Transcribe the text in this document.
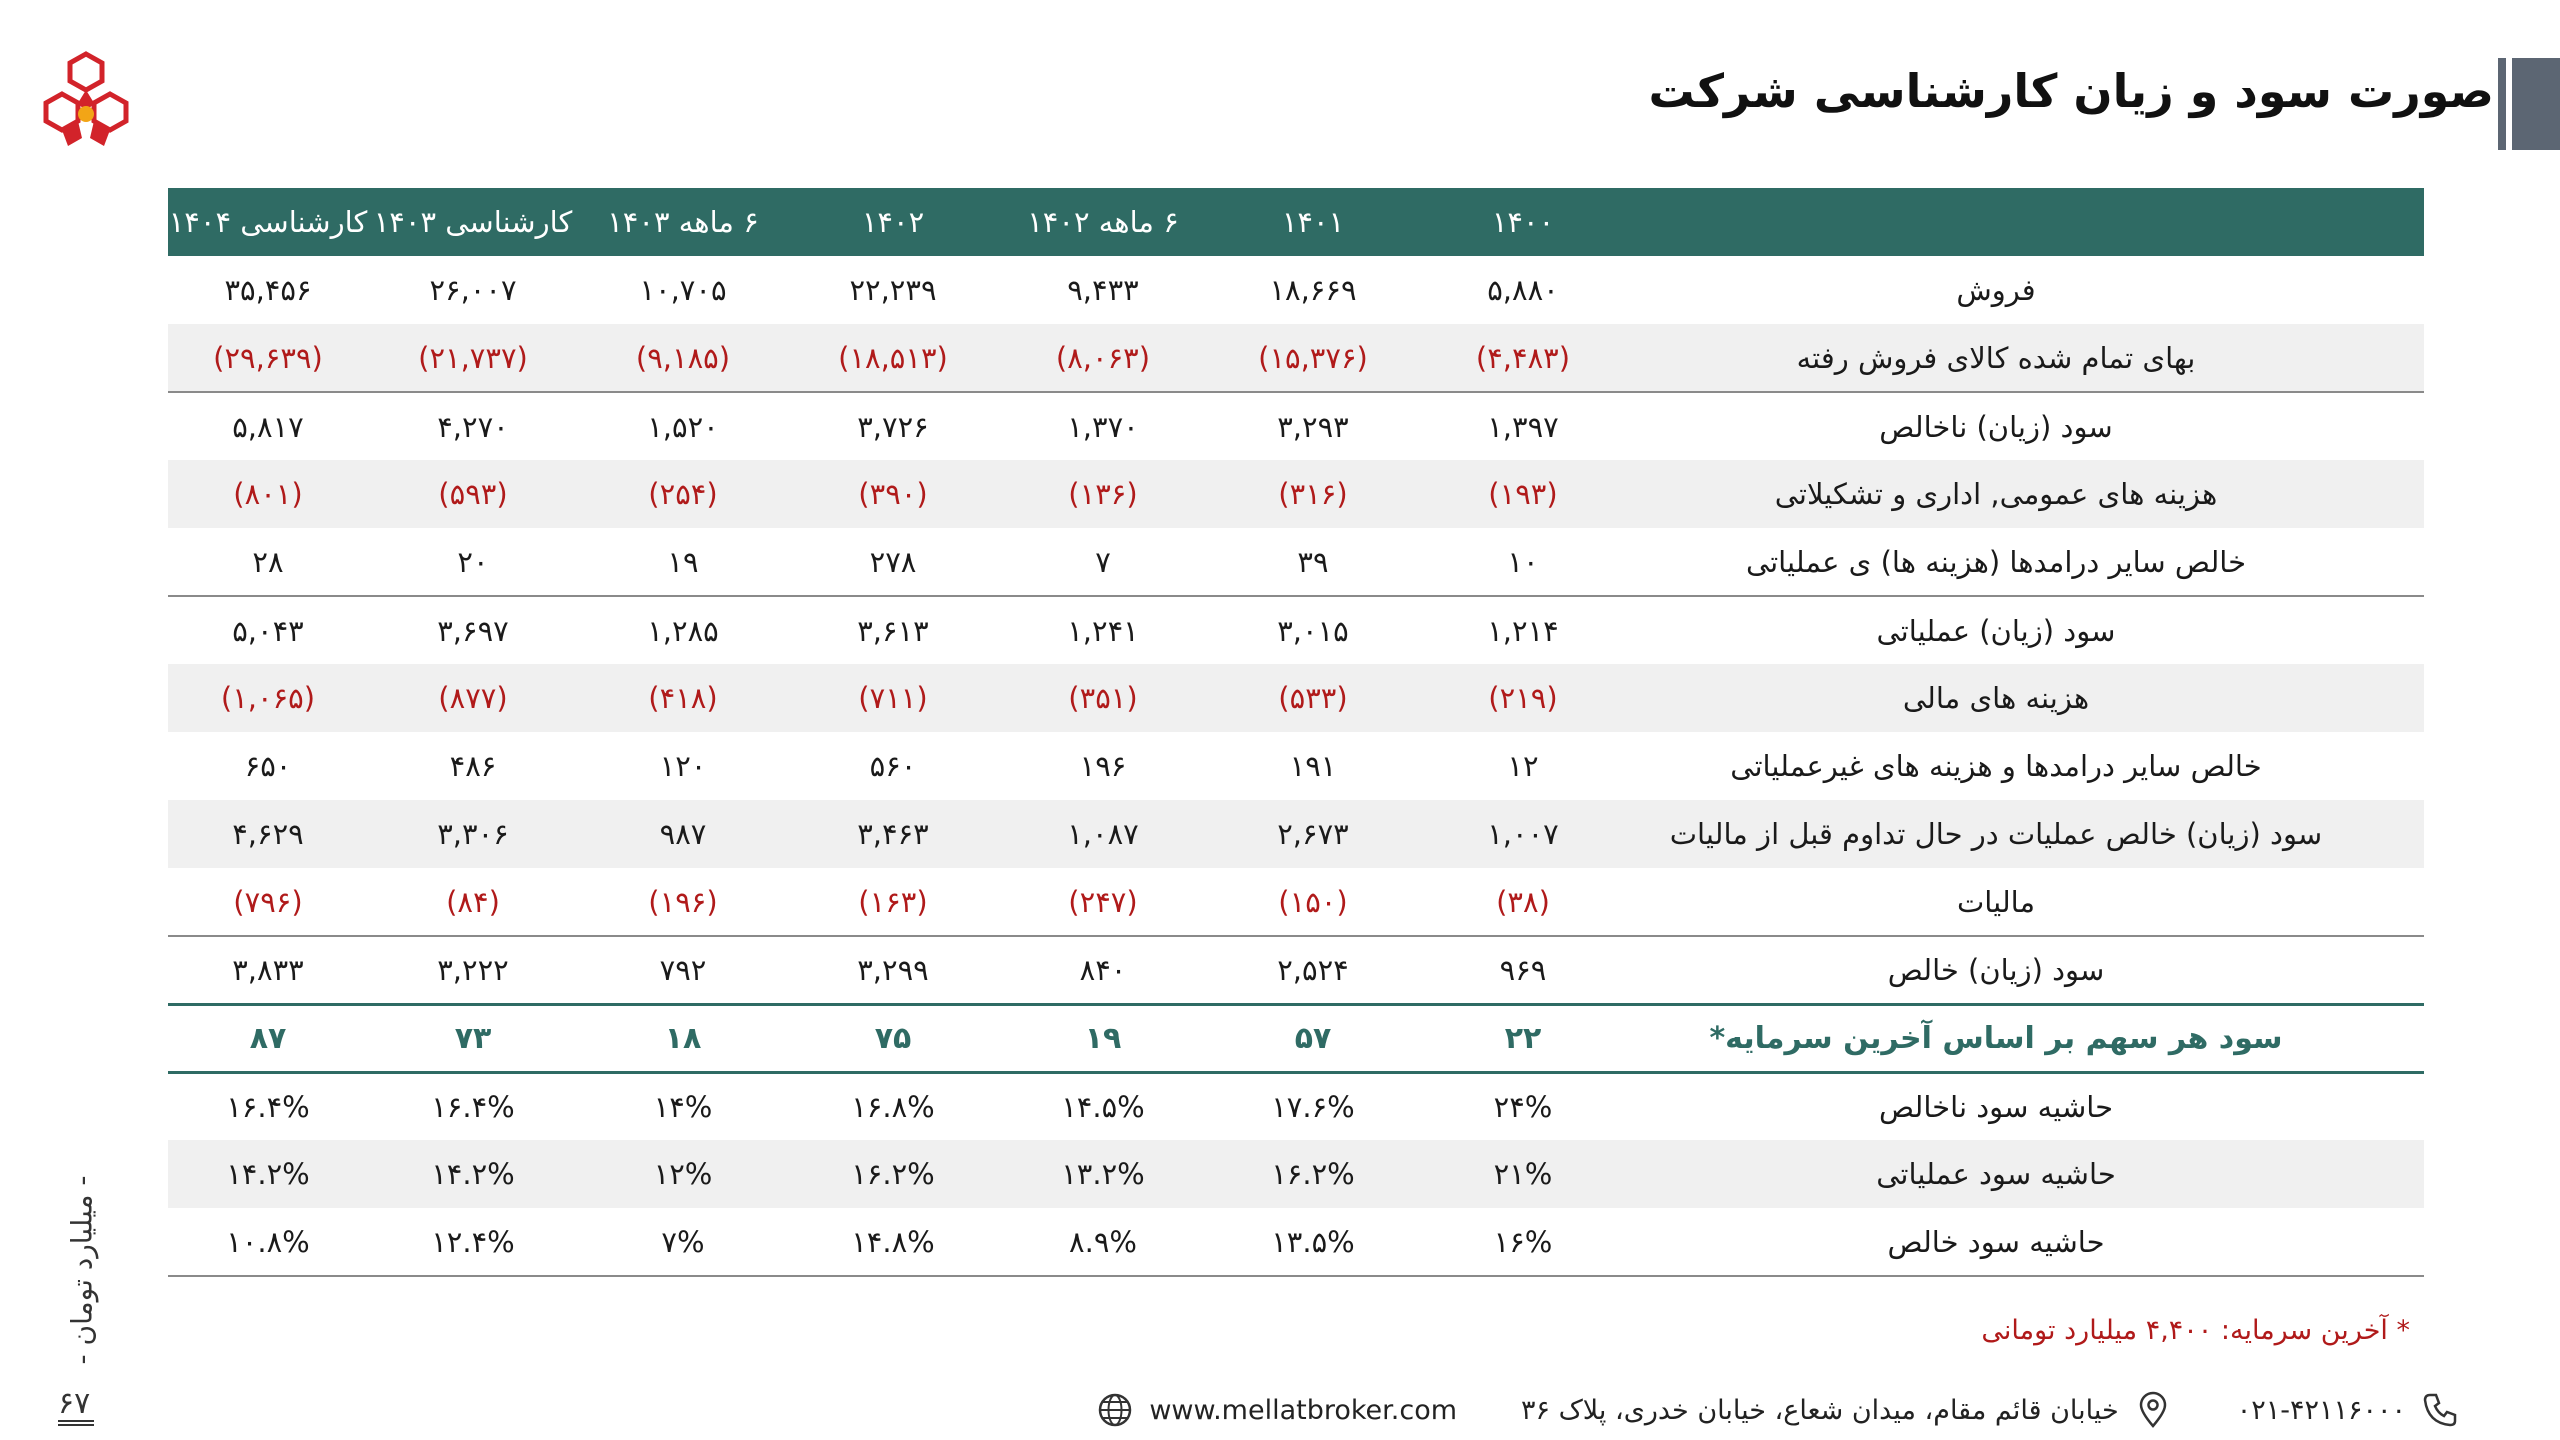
صورت سود و زیان کارشناسی شرکت
	۱۴۰۰	۱۴۰۱	۶ ماهه ۱۴۰۲	۱۴۰۲	۶ ماهه ۱۴۰۳	کارشناسی ۱۴۰۳	کارشناسی ۱۴۰۴
فروش	۵,۸۸۰	۱۸,۶۶۹	۹,۴۳۳	۲۲,۲۳۹	۱۰,۷۰۵	۲۶,۰۰۷	۳۵,۴۵۶
بهای تمام شده کالای فروش رفته	(۴,۴۸۳)	(۱۵,۳۷۶)	(۸,۰۶۳)	(۱۸,۵۱۳)	(۹,۱۸۵)	(۲۱,۷۳۷)	(۲۹,۶۳۹)
سود (زیان) ناخالص	۱,۳۹۷	۳,۲۹۳	۱,۳۷۰	۳,۷۲۶	۱,۵۲۰	۴,۲۷۰	۵,۸۱۷
هزینه های عمومی, اداری و تشکیلاتی	(۱۹۳)	(۳۱۶)	(۱۳۶)	(۳۹۰)	(۲۵۴)	(۵۹۳)	(۸۰۱)
خالص سایر درامدها (هزینه ها) ی عملیاتی	۱۰	۳۹	۷	۲۷۸	۱۹	۲۰	۲۸
سود (زیان) عملیاتی	۱,۲۱۴	۳,۰۱۵	۱,۲۴۱	۳,۶۱۳	۱,۲۸۵	۳,۶۹۷	۵,۰۴۳
هزینه های مالی	(۲۱۹)	(۵۳۳)	(۳۵۱)	(۷۱۱)	(۴۱۸)	(۸۷۷)	(۱,۰۶۵)
خالص سایر درامدها و هزینه های غیرعملیاتی	۱۲	۱۹۱	۱۹۶	۵۶۰	۱۲۰	۴۸۶	۶۵۰
سود (زیان) خالص عملیات در حال تداوم قبل از مالیات	۱,۰۰۷	۲,۶۷۳	۱,۰۸۷	۳,۴۶۳	۹۸۷	۳,۳۰۶	۴,۶۲۹
مالیات	(۳۸)	(۱۵۰)	(۲۴۷)	(۱۶۳)	(۱۹۶)	(۸۴)	(۷۹۶)
سود (زیان) خالص	۹۶۹	۲,۵۲۴	۸۴۰	۳,۲۹۹	۷۹۲	۳,۲۲۲	۳,۸۳۳
سود هر سهم بر اساس آخرین سرمایه*	۲۲	۵۷	۱۹	۷۵	۱۸	۷۳	۸۷
حاشیه سود ناخالص	۲۴%	۱۷.۶%	۱۴.۵%	۱۶.۸%	۱۴%	۱۶.۴%	۱۶.۴%
حاشیه سود عملیاتی	۲۱%	۱۶.۲%	۱۳.۲%	۱۶.۲%	۱۲%	۱۴.۲%	۱۴.۲%
حاشیه سود خالص	۱۶%	۱۳.۵%	۸.۹%	۱۴.۸%	۷%	۱۲.۴%	۱۰.۸%
* آخرین سرمایه: ۴,۴۰۰ میلیارد تومانی
۰۲۱-۴۲۱۱۶۰۰۰
خیابان قائم مقام، میدان شعاع، خیابان خدری، پلاک ۳۶
www.mellatbroker.com
- میلیارد تومان -
۶۷
